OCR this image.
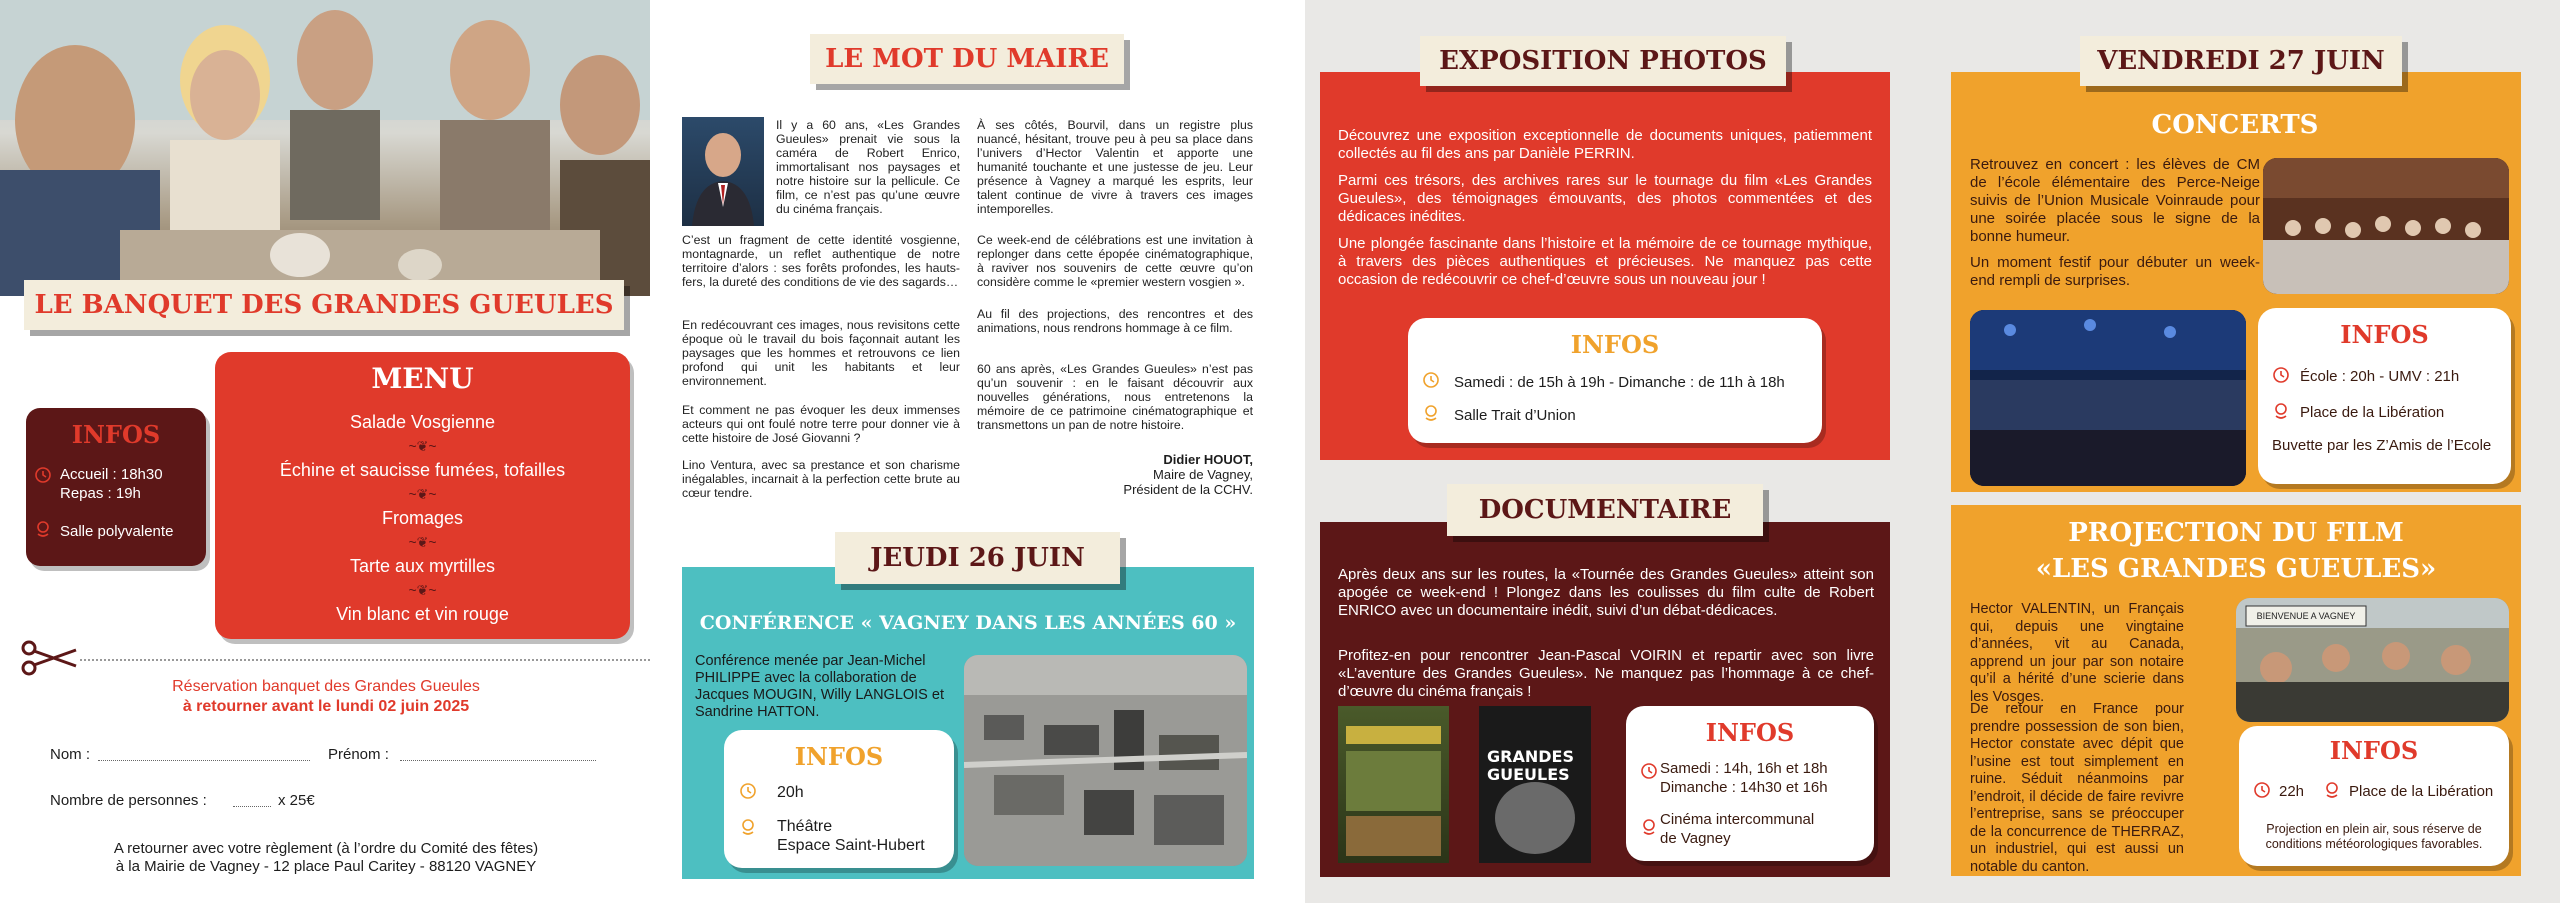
LE BANQUET DES GRANDES GUEULES
MENU
Salade Vosgienne
~❦~
Échine et saucisse fumées, tofailles
~❦~
Fromages
~❦~
Tarte aux myrtilles
~❦~
Vin blanc et vin rouge
INFOS
Accueil : 18h30
Repas : 19h
Salle polyvalente
Réservation banquet des Grandes Gueules
à retourner avant le lundi 02 juin 2025
Nom :	Prénom :
Nombre de personnes :	x 25€
A retourner avec votre règlement (à l’ordre du Comité des fêtes)
à la Mairie de Vagney - 12 place Paul Caritey - 88120 VAGNEY
LE MOT DU MAIRE
Il y a 60 ans, «Les Grandes Gueules» prenait vie sous la caméra de Robert Enrico, immortalisant nos paysages et notre histoire sur la pellicule. Ce film, ce n’est pas qu’une œuvre du cinéma français.
C’est un fragment de cette identité vosgienne, montagnarde, un reflet authentique de notre territoire d’alors : ses forêts profondes, les hauts-fers, la dureté des conditions de vie des sagards…
En redécouvrant ces images, nous revisitons cette époque où le travail du bois façonnait autant les paysages que les hommes et retrouvons ce lien profond qui unit les habitants et leur environnement.
Et comment ne pas évoquer les deux immenses acteurs qui ont foulé notre terre pour donner vie à cette histoire de José Giovanni ?
Lino Ventura, avec sa prestance et son charisme inégalables, incarnait à la perfection cette brute au cœur tendre.
À ses côtés, Bourvil, dans un registre plus nuancé, hésitant, trouve peu à peu sa place dans l’univers d’Hector Valentin et apporte une humanité touchante et une justesse de jeu. Leur présence à Vagney a marqué les esprits, leur talent continue de vivre à travers ces images intemporelles.
Ce week-end de célébrations est une invitation à replonger dans cette épopée cinématographique, à raviver nos souvenirs de cette œuvre qu’on considère comme le «premier western vosgien ».
Au fil des projections, des rencontres et des animations, nous rendrons hommage à ce film.
60 ans après, «Les Grandes Gueules» n’est pas qu’un souvenir : en le faisant découvrir aux nouvelles générations, nous entretenons la mémoire de ce patrimoine cinématographique et transmettons un pan de notre histoire.
Didier HOUOT,
Maire de Vagney,
Président de la CCHV.
JEUDI 26 JUIN
CONFÉRENCE « VAGNEY DANS LES ANNÉES 60 »
Conférence menée par Jean-Michel PHILIPPE avec la collaboration de Jacques MOUGIN, Willy LANGLOIS et Sandrine HATTON.
INFOS
20h
Théâtre
Espace Saint-Hubert
EXPOSITION PHOTOS
Découvrez une exposition exceptionnelle de documents uniques, patiemment collectés au fil des ans par Danièle PERRIN.
Parmi ces trésors, des archives rares sur le tournage du film «Les Grandes Gueules», des témoignages émouvants, des photos commentées et des dédicaces inédites.
Une plongée fascinante dans l’histoire et la mémoire de ce tournage mythique, à travers des pièces authentiques et précieuses. Ne manquez pas cette occasion de redécouvrir ce chef-d’œuvre sous un nouveau jour !
INFOS
Samedi : de 15h à 19h - Dimanche : de 11h à 18h
Salle Trait d’Union
DOCUMENTAIRE
Après deux ans sur les routes, la «Tournée des Grandes Gueules» atteint son apogée ce week-end ! Plongez dans les coulisses du film culte de Robert ENRICO avec un documentaire inédit, suivi d’un débat-dédicaces.
Profitez-en pour rencontrer Jean-Pascal VOIRIN et repartir avec son livre «L’aventure des Grandes Gueules». Ne manquez pas l’hommage à ce chef-d’œuvre du cinéma français !
GRANDES GUEULES
INFOS
Samedi : 14h, 16h et 18h
Dimanche : 14h30 et 16h
Cinéma intercommunal
de Vagney
VENDREDI 27 JUIN
CONCERTS
Retrouvez en concert : les élèves de CM de l’école élémentaire des Perce-Neige suivis de l’Union Musicale Voinraude pour une soirée placée sous le signe de la bonne humeur.
Un moment festif pour débuter un week-end rempli de surprises.
INFOS
École : 20h - UMV : 21h
Place de la Libération
Buvette par les Z’Amis de l’Ecole
PROJECTION DU FILM
«LES GRANDES GUEULES»
Hector VALENTIN, un Français qui, depuis une vingtaine d’années, vit au Canada, apprend un jour par son notaire qu’il a hérité d’une scierie dans les Vosges.
De retour en France pour prendre possession de son bien, Hector constate avec dépit que l’usine est tout simplement en ruine. Séduit néanmoins par l’endroit, il décide de faire revivre l’entreprise, sans se préoccuper de la concurrence de THERRAZ, un industriel, qui est aussi un notable du canton.
BIENVENUE A VAGNEY
INFOS
22h	Place de la Libération
Projection en plein air, sous réserve de
conditions météorologiques favorables.
